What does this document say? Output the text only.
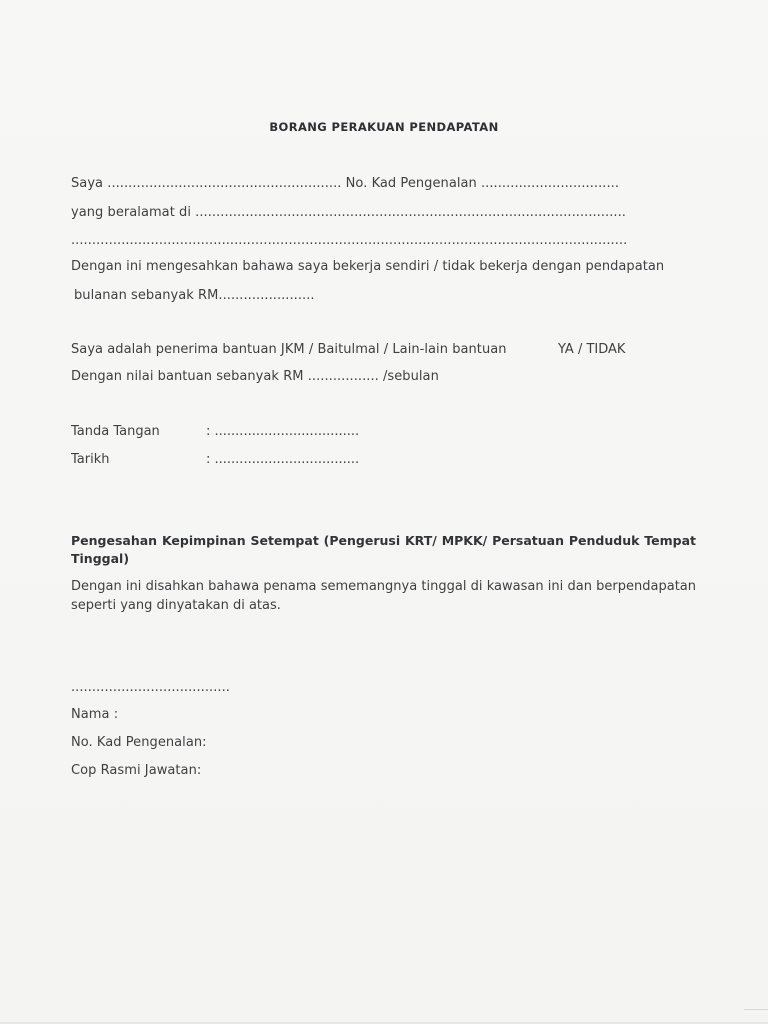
BORANG PERAKUAN PENDAPATAN
Saya ........................................................ No. Kad Pengenalan .................................
yang beralamat di .......................................................................................................
.....................................................................................................................................
Dengan ini mengesahkan bahawa saya bekerja sendiri / tidak bekerja dengan pendapatan
bulanan sebanyak RM.......................
Saya adalah penerima bantuan JKM / Baitulmal / Lain-lain bantuan	YA / TIDAK
Dengan nilai bantuan sebanyak RM ................. /sebulan
Tanda Tangan	: ...................................
Tarikh	: ...................................
Pengesahan Kepimpinan Setempat (Pengerusi KRT/ MPKK/ Persatuan Penduduk Tempat Tinggal)
Dengan ini disahkan bahawa penama sememangnya tinggal di kawasan ini dan berpendapatan seperti yang dinyatakan di atas.
......................................
Nama :
No. Kad Pengenalan:
Cop Rasmi Jawatan:
